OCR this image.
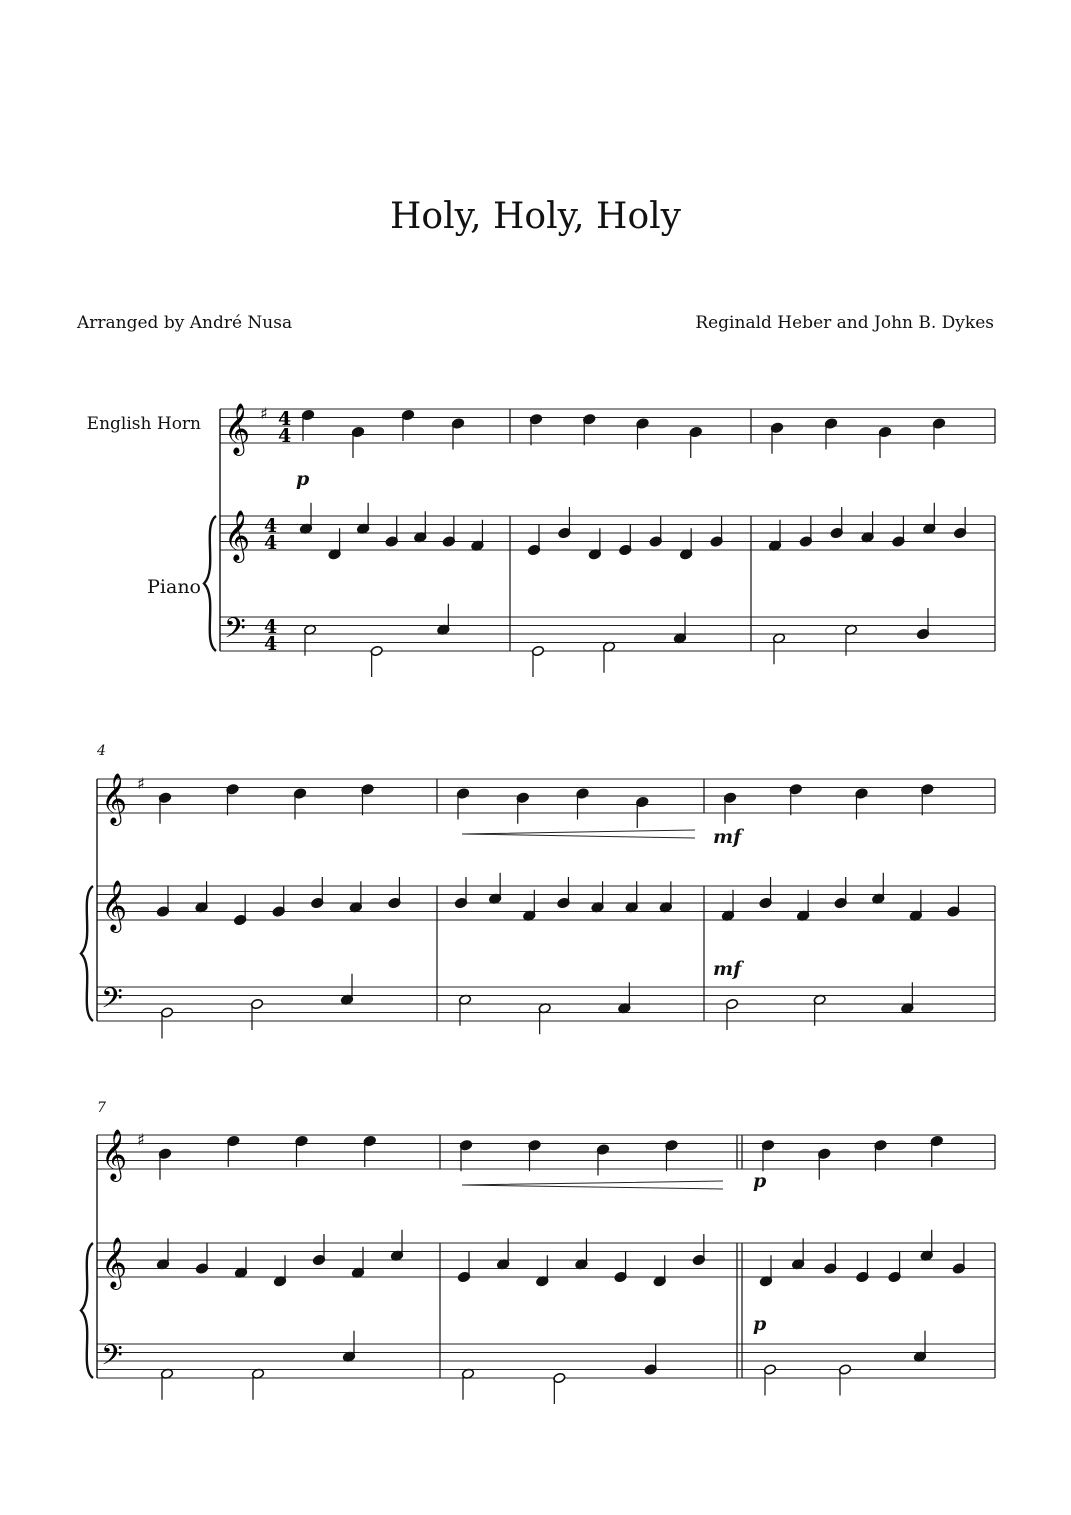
Holy, Holy, Holy
Arranged by André Nusa	Reginald Heber and John B. Dykes
English Horn
Piano
4
7
p
mf
mf
p
p
𝄞
𝄞
𝄢
♯ 4
4
4
4
4
4
𝄞
𝄞
𝄢
♯
𝄞
𝄞
𝄢
♯
